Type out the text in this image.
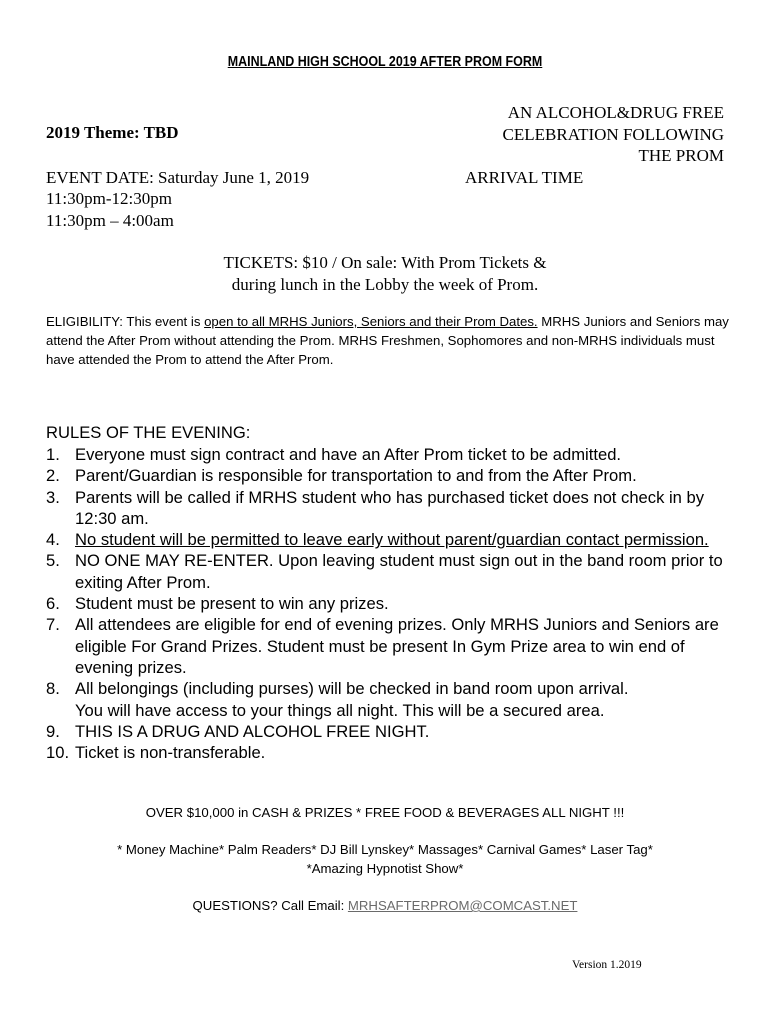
MAINLAND HIGH SCHOOL 2019 AFTER PROM FORM
2019 Theme: TBD
AN ALCOHOL&DRUG FREE
CELEBRATION FOLLOWING
THE PROM
EVENT DATE: Saturday June 1, 2019
11:30pm-12:30pm
11:30pm – 4:00am
ARRIVAL TIME
TICKETS: $10 / On sale: With Prom Tickets &
during lunch in the Lobby the week of Prom.
ELIGIBILITY: This event is open to all MRHS Juniors, Seniors and their Prom Dates. MRHS Juniors and Seniors may attend the After Prom without attending the Prom. MRHS Freshmen, Sophomores and non-MRHS individuals must have attended the Prom to attend the After Prom.
RULES OF THE EVENING:
1. Everyone must sign contract and have an After Prom ticket to be admitted.
2. Parent/Guardian is responsible for transportation to and from the After Prom.
3. Parents will be called if MRHS student who has purchased ticket does not check in by 12:30 am.
4. No student will be permitted to leave early without parent/guardian contact permission.
5. NO ONE MAY RE-ENTER. Upon leaving student must sign out in the band room prior to exiting After Prom.
6. Student must be present to win any prizes.
7. All attendees are eligible for end of evening prizes. Only MRHS Juniors and Seniors are eligible For Grand Prizes. Student must be present In Gym Prize area to win end of evening prizes.
8. All belongings (including purses) will be checked in band room upon arrival.
You will have access to your things all night. This will be a secured area.
9. THIS IS A DRUG AND ALCOHOL FREE NIGHT.
10. Ticket is non-transferable.
OVER $10,000 in CASH & PRIZES * FREE FOOD & BEVERAGES ALL NIGHT !!!
* Money Machine* Palm Readers* DJ Bill Lynskey* Massages* Carnival Games* Laser Tag*
*Amazing Hypnotist Show*
QUESTIONS? Call Email: MRHSAFTERPROM@COMCAST.NET
Version 1.2019
